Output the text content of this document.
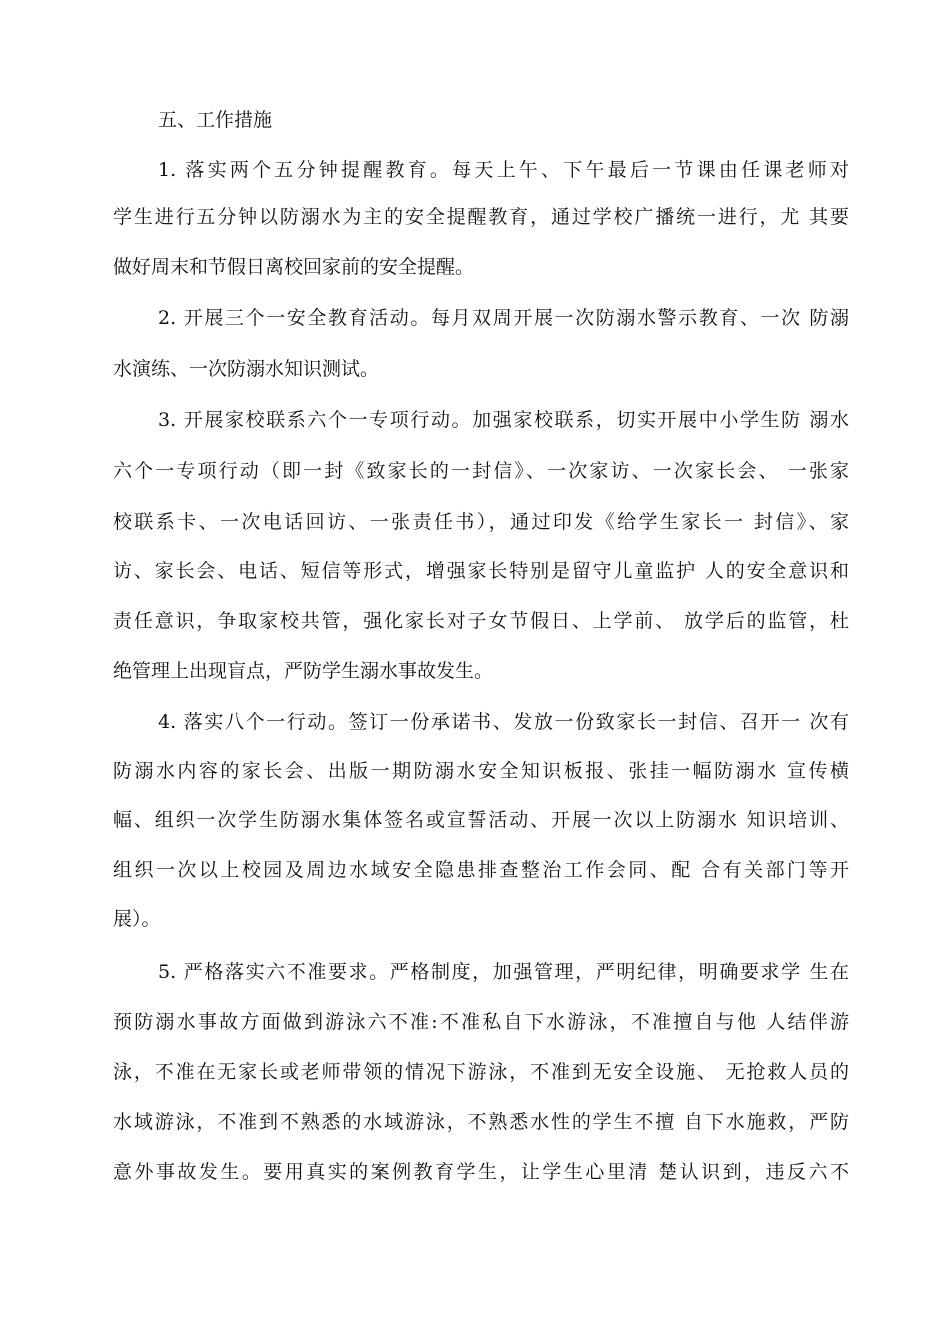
五、工作措施
1. 落实两个五分钟提醒教育。每天上午、下午最后一节课由任课老师对
学生进行五分钟以防溺水为主的安全提醒教育，通过学校广播统一进行，尤 其要
做好周末和节假日离校回家前的安全提醒。
2. 开展三个一安全教育活动。每月双周开展一次防溺水警示教育、一次 防溺
水演练、一次防溺水知识测试。
3. 开展家校联系六个一专项行动。加强家校联系，切实开展中小学生防 溺水
六个一专项行动（即一封《致家长的一封信》、一次家访、一次家长会、 一张家
校联系卡、一次电话回访、一张责任书），通过印发《给学生家长一 封信》、家
访、家长会、电话、短信等形式，增强家长特别是留守儿童监护 人的安全意识和
责任意识，争取家校共管，强化家长对子女节假日、上学前、 放学后的监管，杜
绝管理上出现盲点，严防学生溺水事故发生。
4. 落实八个一行动。签订一份承诺书、发放一份致家长一封信、召开一 次有
防溺水内容的家长会、出版一期防溺水安全知识板报、张挂一幅防溺水 宣传横
幅、组织一次学生防溺水集体签名或宣誓活动、开展一次以上防溺水 知识培训、
组织一次以上校园及周边水域安全隐患排查整治工作会同、配 合有关部门等开
展）。
5. 严格落实六不准要求。严格制度，加强管理，严明纪律，明确要求学 生在
预防溺水事故方面做到游泳六不准:不准私自下水游泳，不准擅自与他 人结伴游
泳，不准在无家长或老师带领的情况下游泳，不准到无安全设施、 无抢救人员的
水域游泳，不准到不熟悉的水域游泳，不熟悉水性的学生不擅 自下水施救，严防
意外事故发生。要用真实的案例教育学生，让学生心里清 楚认识到，违反六不
